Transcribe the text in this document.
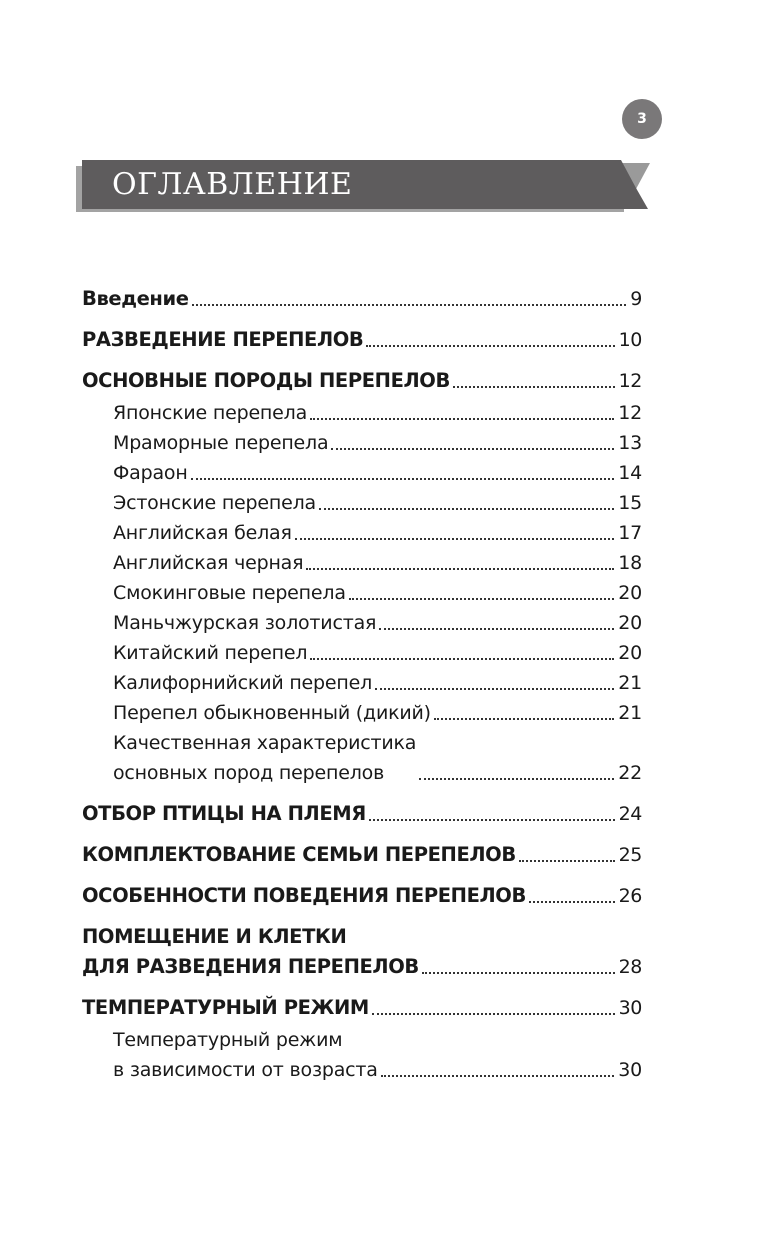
3
ОГЛАВЛЕНИЕ
Введение	9
РАЗВЕДЕНИЕ ПЕРЕПЕЛОВ	10
ОСНОВНЫЕ ПОРОДЫ ПЕРЕПЕЛОВ	12
Японские перепела	12
Мраморные перепела	13
Фараон	14
Эстонские перепела	15
Английская белая	17
Английская черная	18
Смокинговые перепела	20
Маньчжурская золотистая	20
Китайский перепел	20
Калифорнийский перепел	21
Перепел обыкновенный (дикий)	21
Качественная характеристика
основных пород перепелов	22
ОТБОР ПТИЦЫ НА ПЛЕМЯ	24
КОМПЛЕКТОВАНИЕ СЕМЬИ ПЕРЕПЕЛОВ	25
ОСОБЕННОСТИ ПОВЕДЕНИЯ ПЕРЕПЕЛОВ	26
ПОМЕЩЕНИЕ И КЛЕТКИ
ДЛЯ РАЗВЕДЕНИЯ ПЕРЕПЕЛОВ	28
ТЕМПЕРАТУРНЫЙ РЕЖИМ	30
Температурный режим
в зависимости от возраста	30
